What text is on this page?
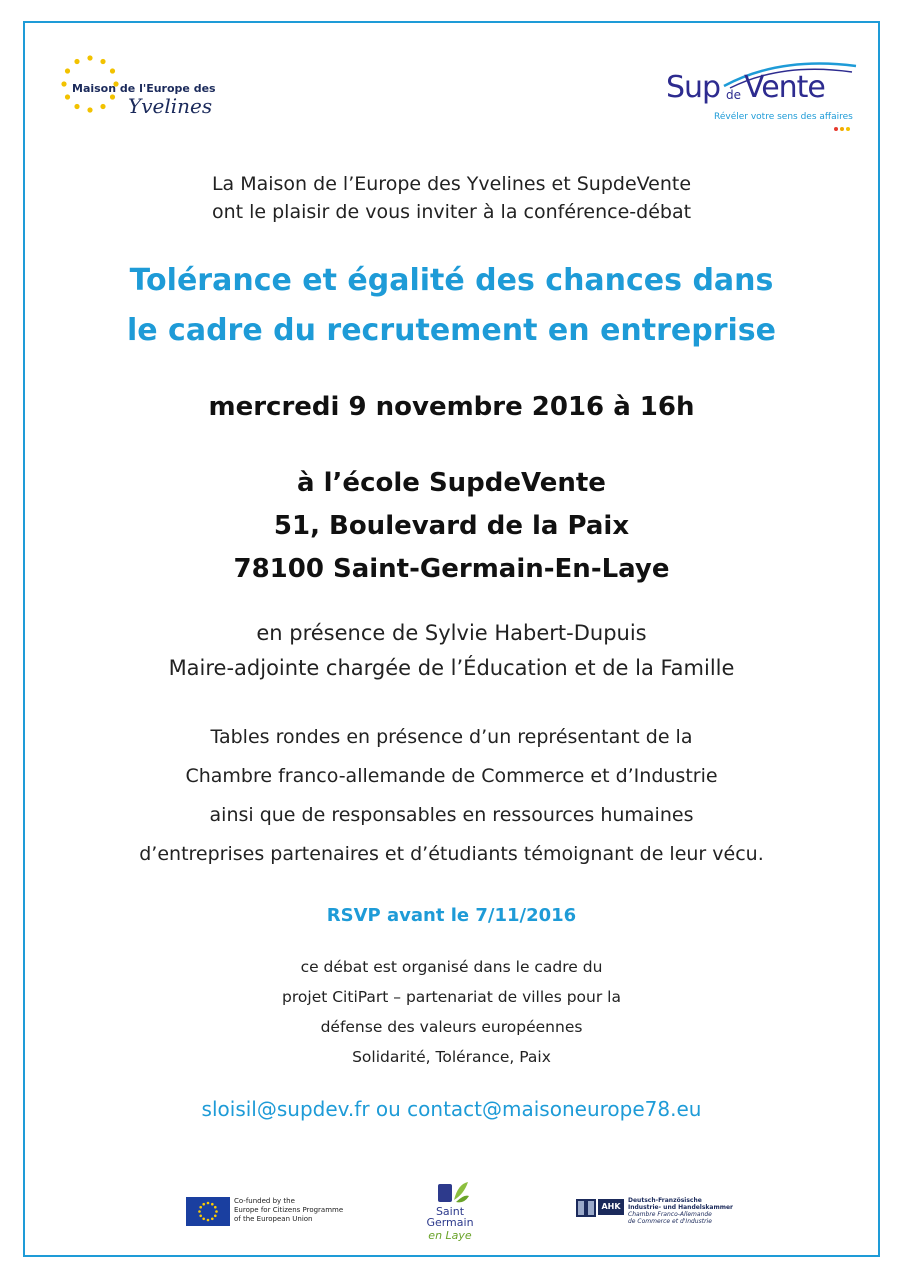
Maison de l'Europe des
Yvelines
Sup de Vente
Révéler votre sens des affaires
La Maison de l’Europe des Yvelines et SupdeVente
ont le plaisir de vous inviter à la conférence-débat
Tolérance et égalité des chances dans
le cadre du recrutement en entreprise
mercredi 9 novembre 2016 à 16h
à l’école SupdeVente
51, Boulevard de la Paix
78100 Saint-Germain-En-Laye
en présence de Sylvie Habert-Dupuis
Maire-adjointe chargée de l’Éducation et de la Famille
Tables rondes en présence d’un représentant de la
Chambre franco-allemande de Commerce et d’Industrie
ainsi que de responsables en ressources humaines
d’entreprises partenaires et d’étudiants témoignant de leur vécu.
RSVP avant le 7/11/2016
ce débat est organisé dans le cadre du
projet CitiPart – partenariat de villes pour la
défense des valeurs européennes
Solidarité, Tolérance, Paix
sloisil@supdev.fr ou contact@maisoneurope78.eu
Co-funded by the
Europe for Citizens Programme
of the European Union
Saint
Germain
en Laye
AHK
Deutsch-Französische
Industrie- und Handelskammer
Chambre Franco-Allemande
de Commerce et d'Industrie
